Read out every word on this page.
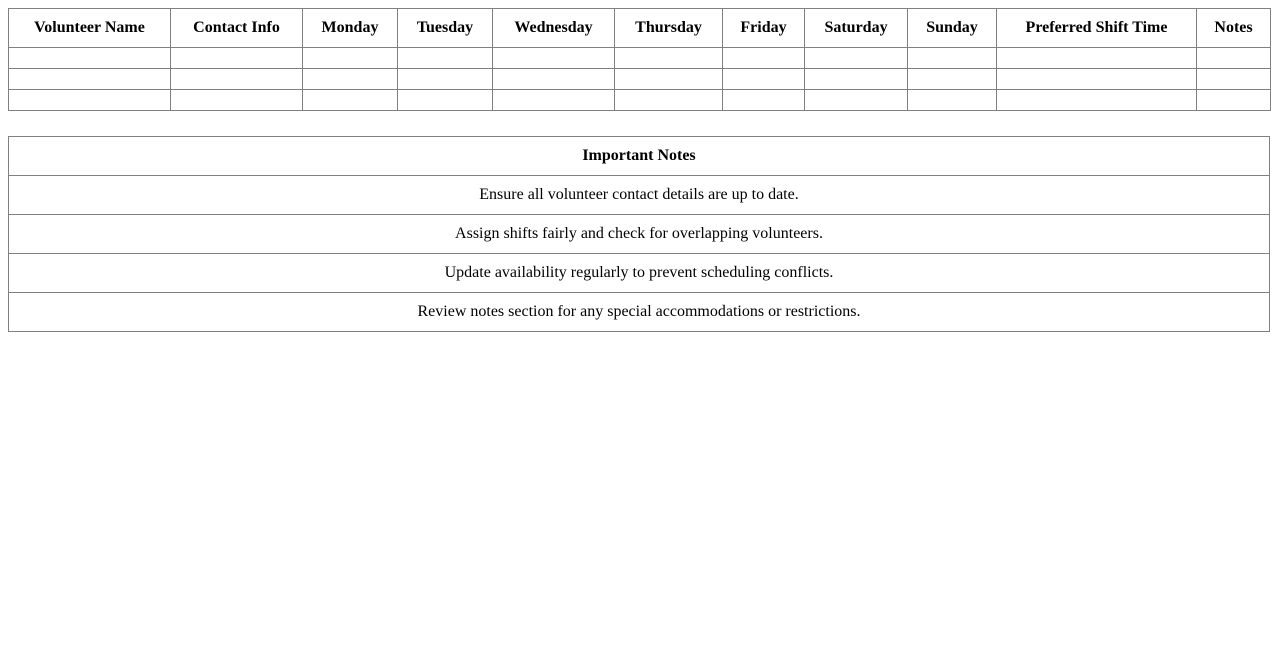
Volunteer Name	Contact Info	Monday	Tuesday	Wednesday	Thursday	Friday	Saturday	Sunday	Preferred Shift Time	Notes

Important Notes
Ensure all volunteer contact details are up to date.
Assign shifts fairly and check for overlapping volunteers.
Update availability regularly to prevent scheduling conflicts.
Review notes section for any special accommodations or restrictions.
